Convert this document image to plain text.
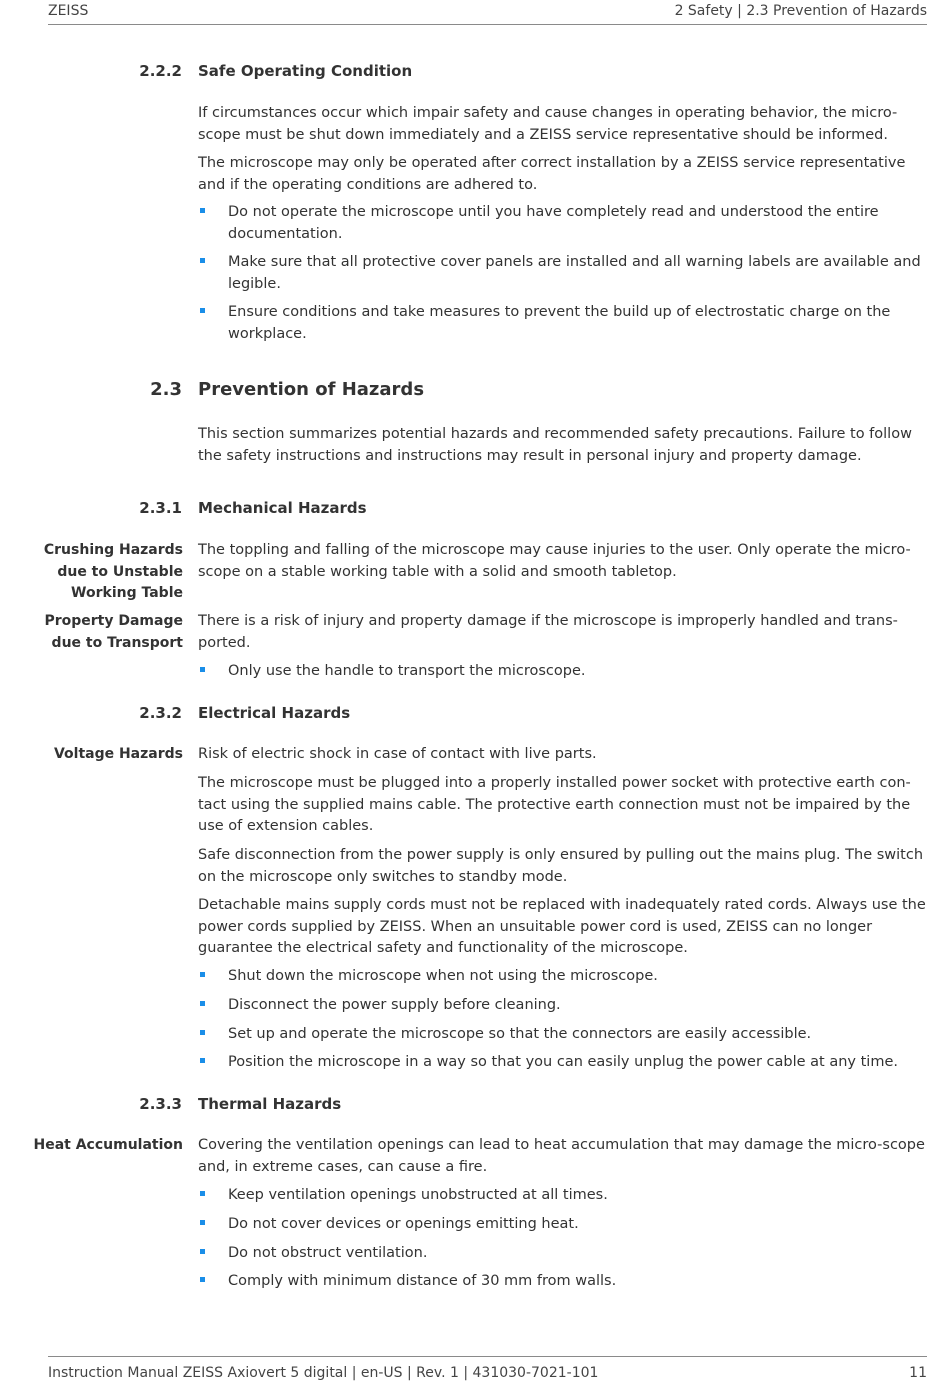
ZEISS	2 Safety | 2.3 Prevention of Hazards
2.2.2 Safe Operating Condition

If circumstances occur which impair safety and cause changes in operating behavior, the micro-scope must be shut down immediately and a ZEISS service representative should be informed.

The microscope may only be operated after correct installation by a ZEISS service representative and if the operating conditions are adhered to.

Do not operate the microscope until you have completely read and understood the entire documentation.

Make sure that all protective cover panels are installed and all warning labels are available and legible.

Ensure conditions and take measures to prevent the build up of electrostatic charge on the workplace.

2.3 Prevention of Hazards

This section summarizes potential hazards and recommended safety precautions. Failure to follow the safety instructions and instructions may result in personal injury and property damage.

2.3.1 Mechanical Hazards
Crushing Hazards due to Unstable Working Table

The toppling and falling of the microscope may cause injuries to the user. Only operate the micro-scope on a stable working table with a solid and smooth tabletop.

Property Damage due to Transport

There is a risk of injury and property damage if the microscope is improperly handled and trans-ported.

Only use the handle to transport the microscope.

2.3.2 Electrical Hazards
Voltage Hazards Risk of electric shock in case of contact with live parts.

The microscope must be plugged into a properly installed power socket with protective earth con-tact using the supplied mains cable. The protective earth connection must not be impaired by the use of extension cables.

Safe disconnection from the power supply is only ensured by pulling out the mains plug. The switch on the microscope only switches to standby mode.

Detachable mains supply cords must not be replaced with inadequately rated cords. Always use the power cords supplied by ZEISS. When an unsuitable power cord is used, ZEISS can no longer guarantee the electrical safety and functionality of the microscope.

Shut down the microscope when not using the microscope.

Disconnect the power supply before cleaning.

Set up and operate the microscope so that the connectors are easily accessible.

Position the microscope in a way so that you can easily unplug the power cable at any time.

2.3.3 Thermal Hazards
Heat Accumulation Covering the ventilation openings can lead to heat accumulation that may damage the micro-scope and, in extreme cases, can cause a fire.

Keep ventilation openings unobstructed at all times.

Do not cover devices or openings emitting heat.

Do not obstruct ventilation.

Comply with minimum distance of 30 mm from walls.

Instruction Manual ZEISS Axiovert 5 digital | en-US | Rev. 1 | 431030-7021-101	11
